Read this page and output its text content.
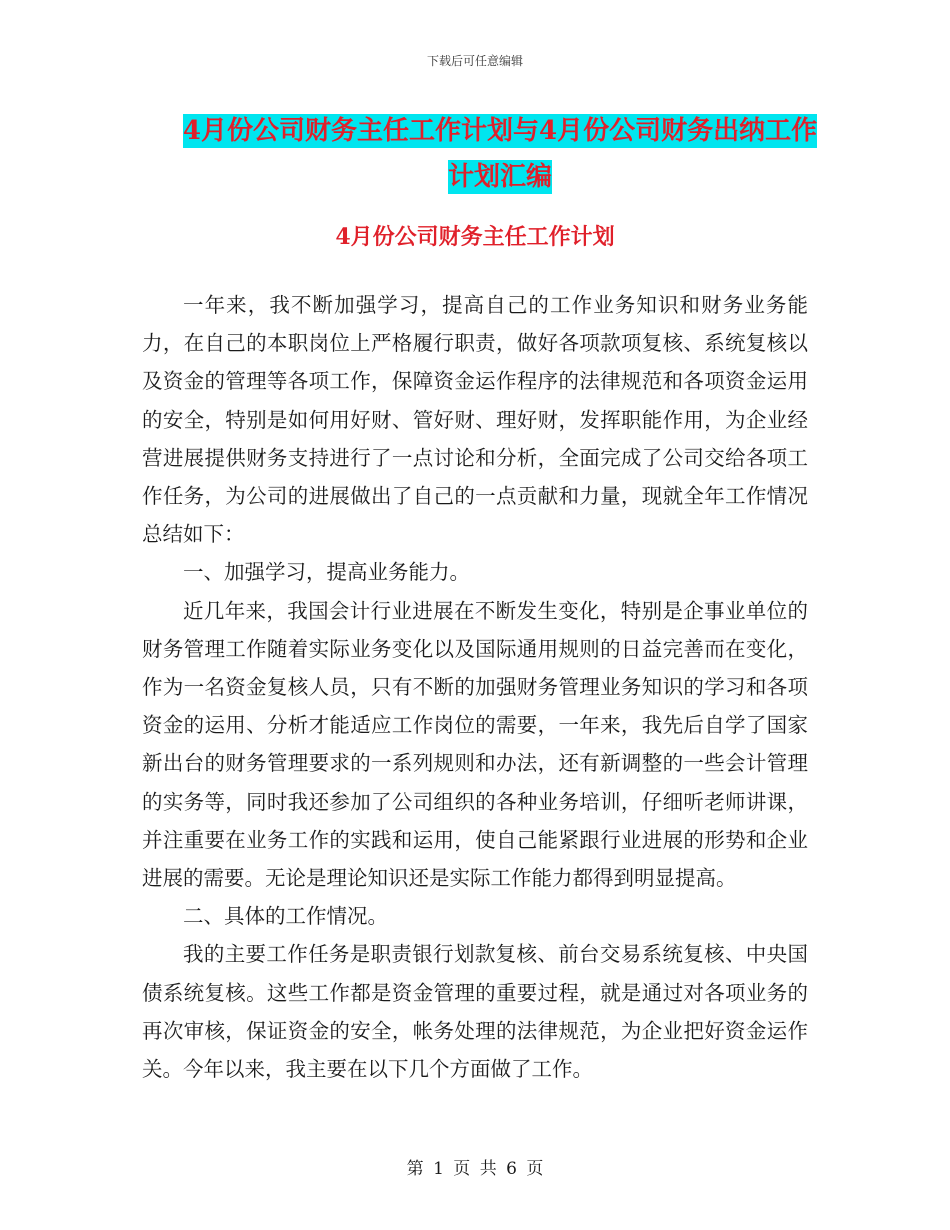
下载后可任意编辑
4月份公司财务主任工作计划与4月份公司财务出纳工作计划汇编
4月份公司财务主任工作计划

一年来，我不断加强学习，提高自己的工作业务知识和财务业务能力，在自己的本职岗位上严格履行职责，做好各项款项复核、系统复核以及资金的管理等各项工作，保障资金运作程序的法律规范和各项资金运用的安全，特别是如何用好财、管好财、理好财，发挥职能作用，为企业经营进展提供财务支持进行了一点讨论和分析，全面完成了公司交给各项工作任务，为公司的进展做出了自己的一点贡献和力量，现就全年工作情况总结如下：

一、加强学习，提高业务能力。

近几年来，我国会计行业进展在不断发生变化，特别是企事业单位的财务管理工作随着实际业务变化以及国际通用规则的日益完善而在变化，作为一名资金复核人员，只有不断的加强财务管理业务知识的学习和各项资金的运用、分析才能适应工作岗位的需要，一年来，我先后自学了国家新出台的财务管理要求的一系列规则和办法，还有新调整的一些会计管理的实务等，同时我还参加了公司组织的各种业务培训，仔细听老师讲课，并注重要在业务工作的实践和运用，使自己能紧跟行业进展的形势和企业进展的需要。无论是理论知识还是实际工作能力都得到明显提高。

二、具体的工作情况。

我的主要工作任务是职责银行划款复核、前台交易系统复核、中央国债系统复核。这些工作都是资金管理的重要过程，就是通过对各项业务的再次审核，保证资金的安全，帐务处理的法律规范，为企业把好资金运作关。今年以来，我主要在以下几个方面做了工作。

第 1 页 共 6 页
